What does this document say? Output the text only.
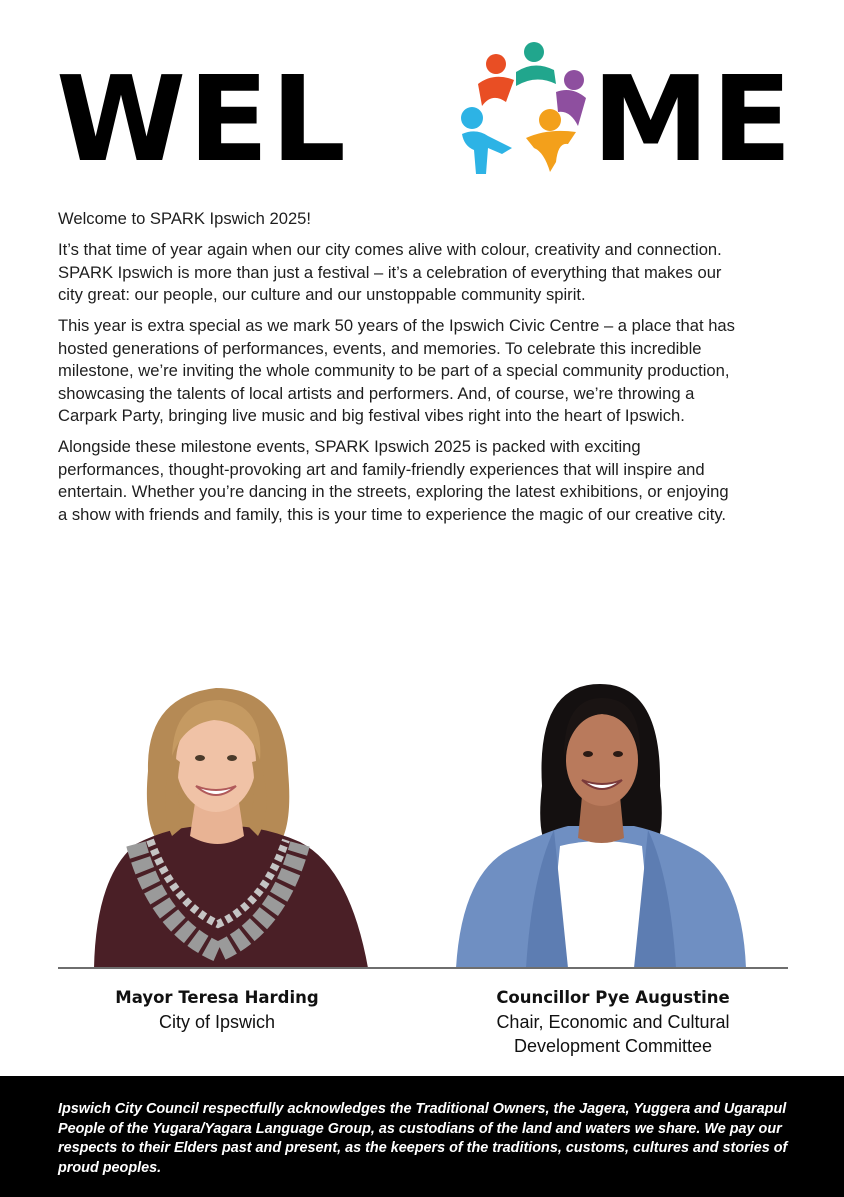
WEL ME

Welcome to SPARK Ipswich 2025!

It’s that time of year again when our city comes alive with colour, creativity and connection. SPARK Ipswich is more than just a festival – it’s a celebration of everything that makes our city great: our people, our culture and our unstoppable community spirit.

This year is extra special as we mark 50 years of the Ipswich Civic Centre – a place that has hosted generations of performances, events, and memories. To celebrate this incredible milestone, we’re inviting the whole community to be part of a special community production, showcasing the talents of local artists and performers. And, of course, we’re throwing a Carpark Party, bringing live music and big festival vibes right into the heart of Ipswich.

Alongside these milestone events, SPARK Ipswich 2025 is packed with exciting performances, thought-provoking art and family-friendly experiences that will inspire and entertain. Whether you’re dancing in the streets, exploring the latest exhibitions, or enjoying a show with friends and family, this is your time to experience the magic of our creative city.

Mayor Teresa Harding
City of Ipswich
Councillor Pye Augustine
Chair, Economic and Cultural Development Committee
Ipswich City Council respectfully acknowledges the Traditional Owners, the Jagera, Yuggera and Ugarapul People of the Yugara/Yagara Language Group, as custodians of the land and waters we share. We pay our respects to their Elders past and present, as the keepers of the traditions, customs, cultures and stories of proud peoples.
